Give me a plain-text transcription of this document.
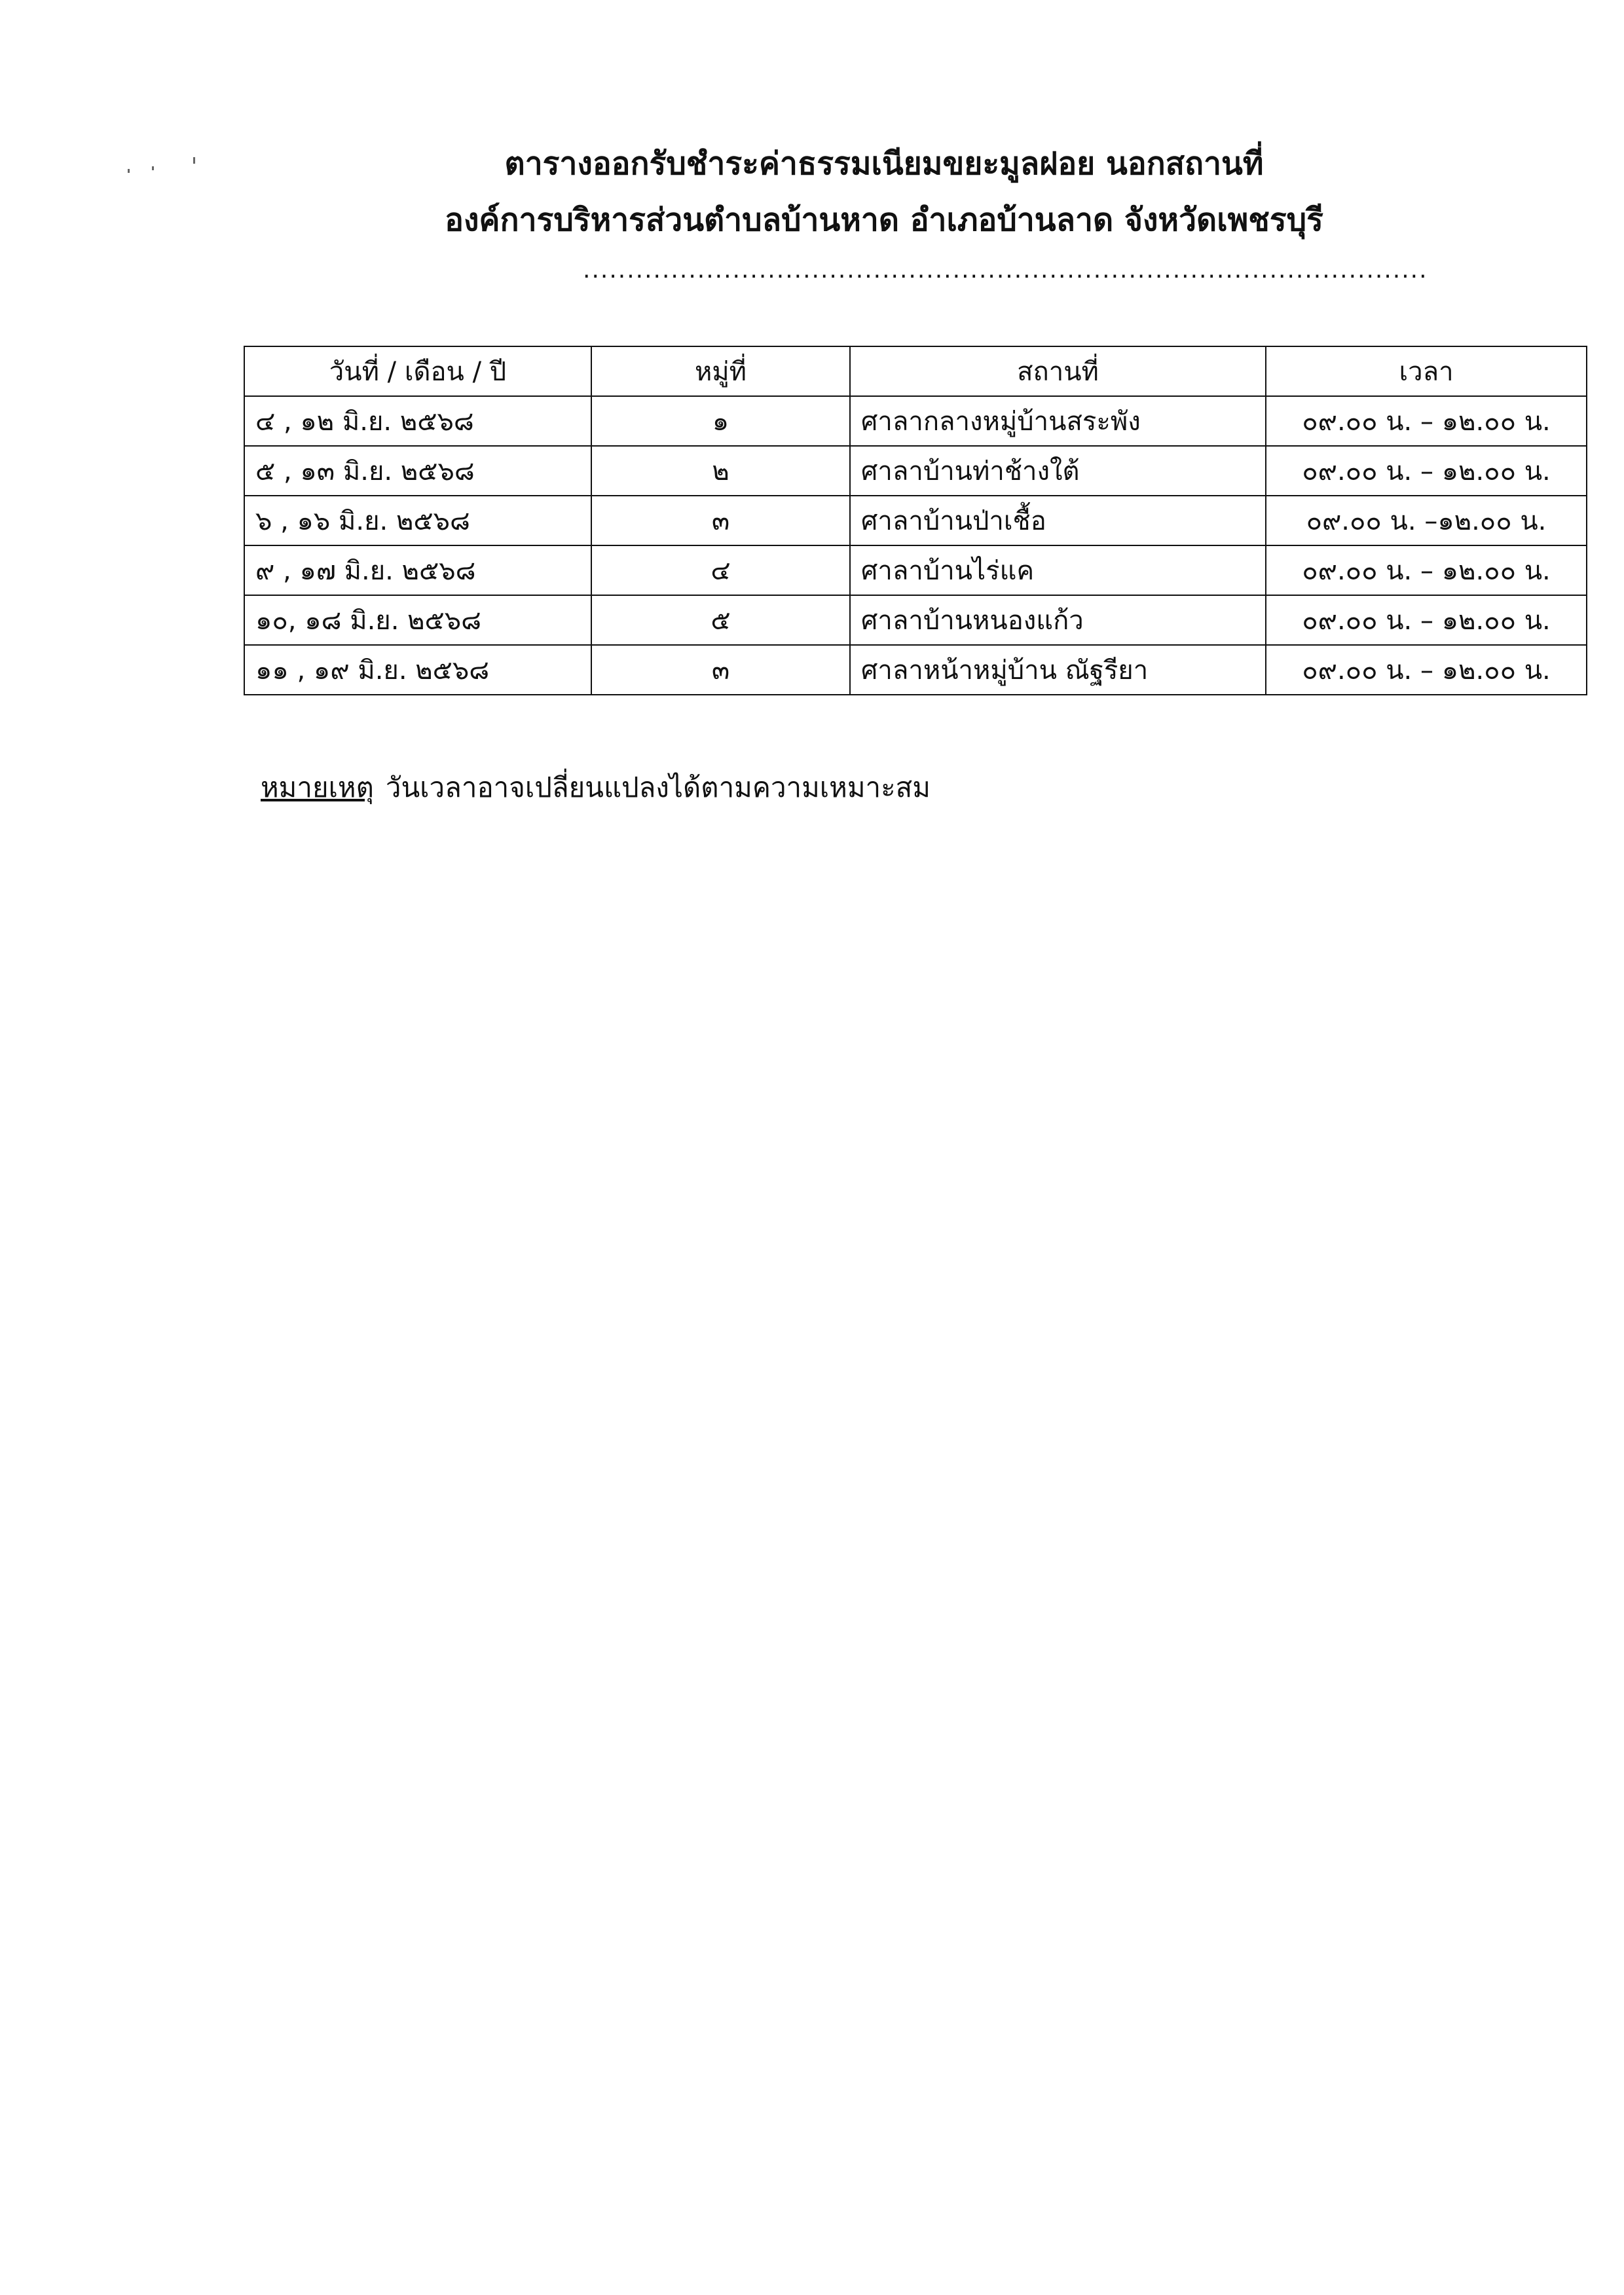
ตารางออกรับชำระค่าธรรมเนียมขยะมูลฝอย นอกสถานที่
องค์การบริหารส่วนตำบลบ้านหาด อำเภอบ้านลาด จังหวัดเพชรบุรี
................................................................................................
วันที่ / เดือน / ปี	หมู่ที่	สถานที่	เวลา
๔ , ๑๒ มิ.ย. ๒๕๖๘	๑	ศาลากลางหมู่บ้านสระพัง	๐๙.๐๐ น. – ๑๒.๐๐ น.
๕ , ๑๓ มิ.ย. ๒๕๖๘	๒	ศาลาบ้านท่าช้างใต้	๐๙.๐๐ น. – ๑๒.๐๐ น.
๖ , ๑๖ มิ.ย. ๒๕๖๘	๓	ศาลาบ้านป่าเชื้อ	๐๙.๐๐ น. –๑๒.๐๐ น.
๙ , ๑๗ มิ.ย. ๒๕๖๘	๔	ศาลาบ้านไร่แค	๐๙.๐๐ น. – ๑๒.๐๐ น.
๑๐, ๑๘ มิ.ย. ๒๕๖๘	๕	ศาลาบ้านหนองแก้ว	๐๙.๐๐ น. – ๑๒.๐๐ น.
๑๑ , ๑๙ มิ.ย. ๒๕๖๘	๓	ศาลาหน้าหมู่บ้าน ณัฐรียา	๐๙.๐๐ น. – ๑๒.๐๐ น.
หมายเหตุ วันเวลาอาจเปลี่ยนแปลงได้ตามความเหมาะสม
